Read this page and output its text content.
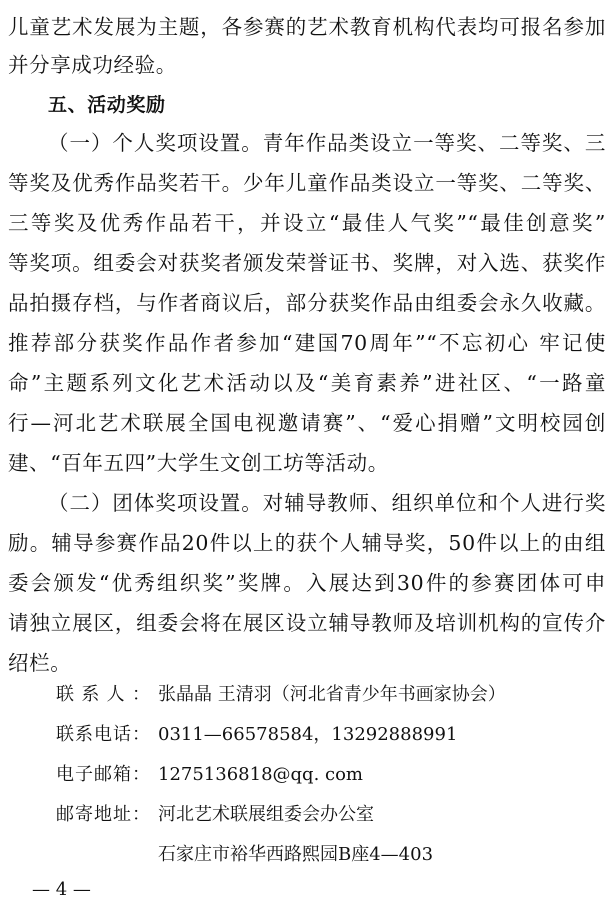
儿童艺术发展为主题，各参赛的艺术教育机构代表均可报名参加
并分享成功经验。
五、活动奖励
（一）个人奖项设置。青年作品类设立一等奖、二等奖、三
等奖及优秀作品奖若干。少年儿童作品类设立一等奖、二等奖、
三等奖及优秀作品若干，并设立“最佳人气奖”“最佳创意奖”
等奖项。组委会对获奖者颁发荣誉证书、奖牌，对入选、获奖作
品拍摄存档，与作者商议后，部分获奖作品由组委会永久收藏。
推荐部分获奖作品作者参加“建国70周年”“不忘初心 牢记使
命”主题系列文化艺术活动以及“美育素养”进社区、“一路童
行—河北艺术联展全国电视邀请赛”、“爱心捐赠”文明校园创
建、“百年五四”大学生文创工坊等活动。
（二）团体奖项设置。对辅导教师、组织单位和个人进行奖
励。辅导参赛作品20件以上的获个人辅导奖，50件以上的由组
委会颁发“优秀组织奖”奖牌。入展达到30件的参赛团体可申
请独立展区，组委会将在展区设立辅导教师及培训机构的宣传介
绍栏。
联系人： 张晶晶 王清羽（河北省青少年书画家协会）
联系电话： 0311—66578584，13292888991
电子邮箱： 1275136818@qq. com
邮寄地址： 河北艺术联展组委会办公室
石家庄市裕华西路熙园B座4—403
— 4 —
